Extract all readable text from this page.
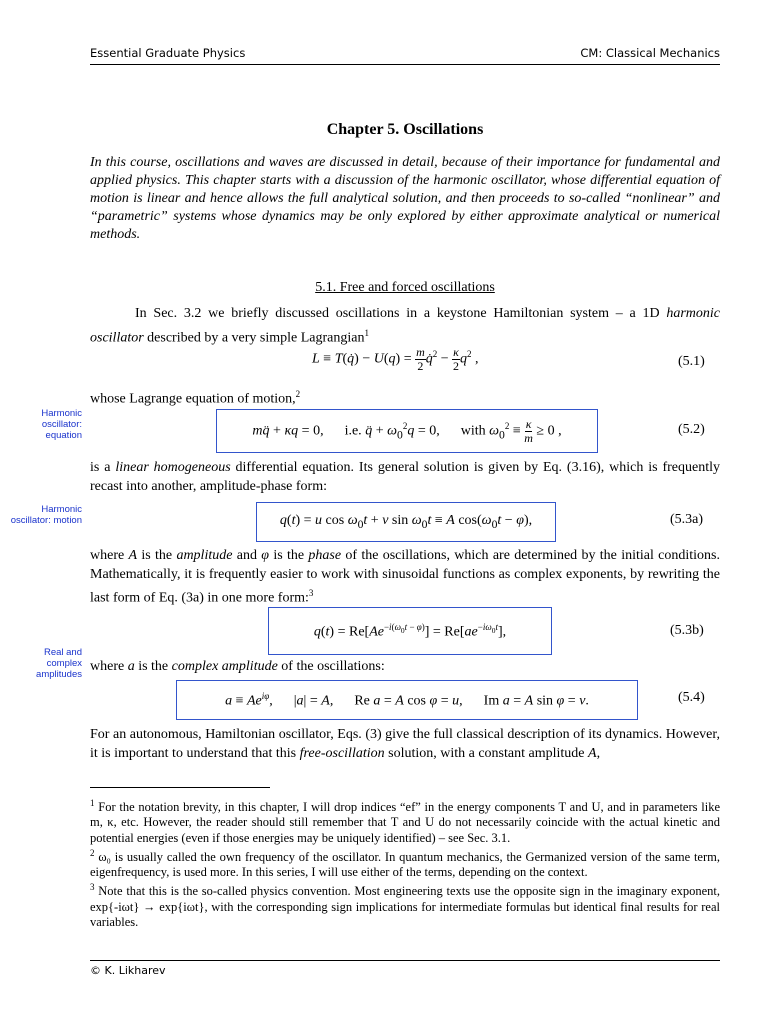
Essential Graduate Physics	CM: Classical Mechanics
Chapter 5. Oscillations
In this course, oscillations and waves are discussed in detail, because of their importance for fundamental and applied physics. This chapter starts with a discussion of the harmonic oscillator, whose differential equation of motion is linear and hence allows the full analytical solution, and then proceeds to so-called “nonlinear” and “parametric” systems whose dynamics may be only explored by either approximate analytical or numerical methods.
5.1. Free and forced oscillations
In Sec. 3.2 we briefly discussed oscillations in a keystone Hamiltonian system – a 1D harmonic oscillator described by a very simple Lagrangian$^1$
L ≡ T(q̇) − $U(q) = \frac{m}{2}$ q̇$^2$ − $\frac{\kappa}{2} q^2$ ,	(5.1)
whose Lagrange equation of motion,$^2$
Harmonic oscillator: equation	mq̈ + κq = 0,      i.e. q̈ + $\omega_0^2q = 0$,      with $\omega_0^2 \equiv \frac{\kappa}{m} \ge 0$ ,	(5.2)
is a linear homogeneous differential equation. Its general solution is given by Eq. (3.16), which is frequently recast into another, amplitude-phase form:
Harmonic oscillator: motion	q(t) = u $\cos \omega_0t + v$ $\sin \omega_0t \equiv A$ $\cos(\omega_0t - \varphi)$,	(5.3a)
where A is the amplitude and φ is the phase of the oscillations, which are determined by the initial conditions. Mathematically, it is frequently easier to work with sinusoidal functions as complex exponents, by rewriting the last form of Eq. (3a) in one more form:$^3$
$q(t) = Re[Ae^{-i(\omega_0t - \varphi)}] = Re[ae^{-i\omega_0t}]$,	(5.3b)
Real and complex amplitudes
where a is the complex amplitude of the oscillations:
$a \equiv Ae^{i\varphi}$,      |a| = A,      Re a = A cos φ = u,      Im a = A sin φ = v.	(5.4)
For an autonomous, Hamiltonian oscillator, Eqs. (3) give the full classical description of its dynamics. However, it is important to understand that this free-oscillation solution, with a constant amplitude A,
$^1$ For the notation brevity, in this chapter, I will drop indices “ef” in the energy components T and U, and in parameters like m, κ, etc. However, the reader should still remember that T and U do not necessarily coincide with the actual kinetic and potential energies (even if those energies may be uniquely identified) – see Sec. 3.1.
$^2$ ω₀ is usually called the own frequency of the oscillator. In quantum mechanics, the Germanized version of the same term, eigenfrequency, is used more. In this series, I will use either of the terms, depending on the context.
$^3$ Note that this is the so-called physics convention. Most engineering texts use the opposite sign in the imaginary exponent, exp{-iωt} → exp{iωt}, with the corresponding sign implications for intermediate formulas but identical final results for real variables.
© K. Likharev
